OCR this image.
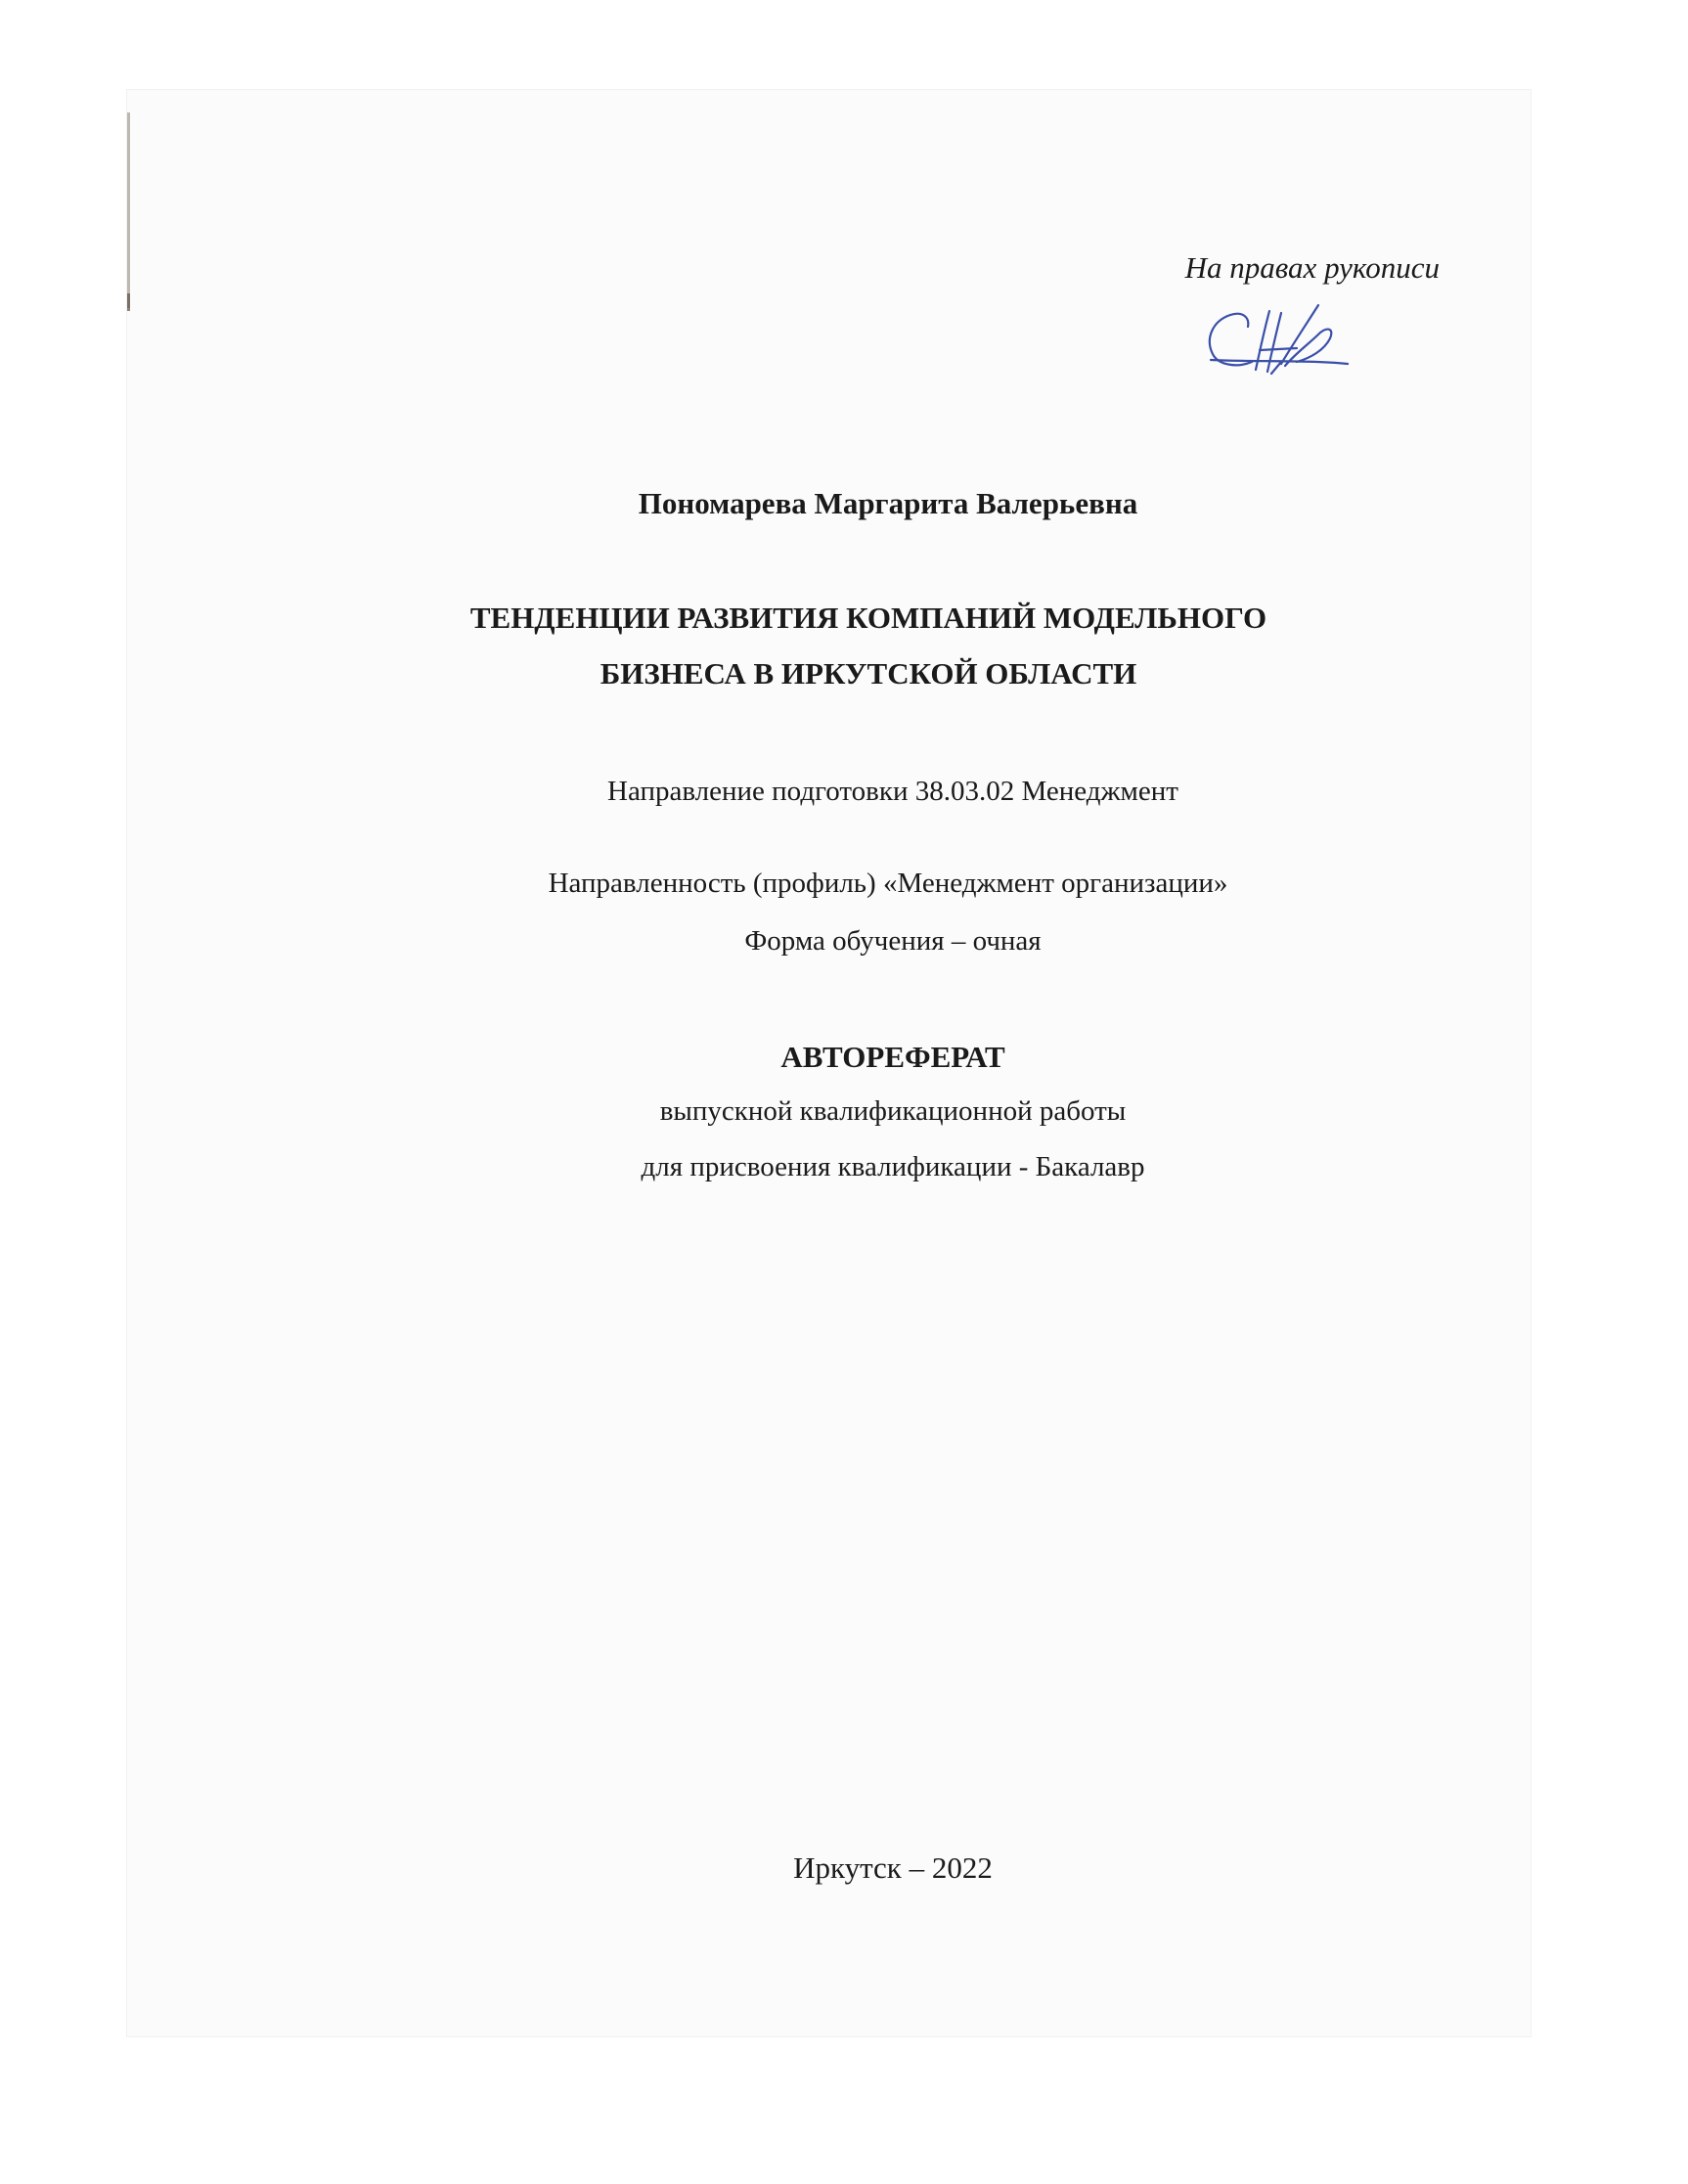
На правах рукописи
Пономарева Маргарита Валерьевна
ТЕНДЕНЦИИ РАЗВИТИЯ КОМПАНИЙ МОДЕЛЬНОГО
БИЗНЕСА В ИРКУТСКОЙ ОБЛАСТИ
Направление подготовки 38.03.02 Менеджмент
Направленность (профиль) «Менеджмент организации»
Форма обучения – очная
АВТОРЕФЕРАТ
выпускной квалификационной работы
для присвоения квалификации - Бакалавр
Иркутск – 2022
